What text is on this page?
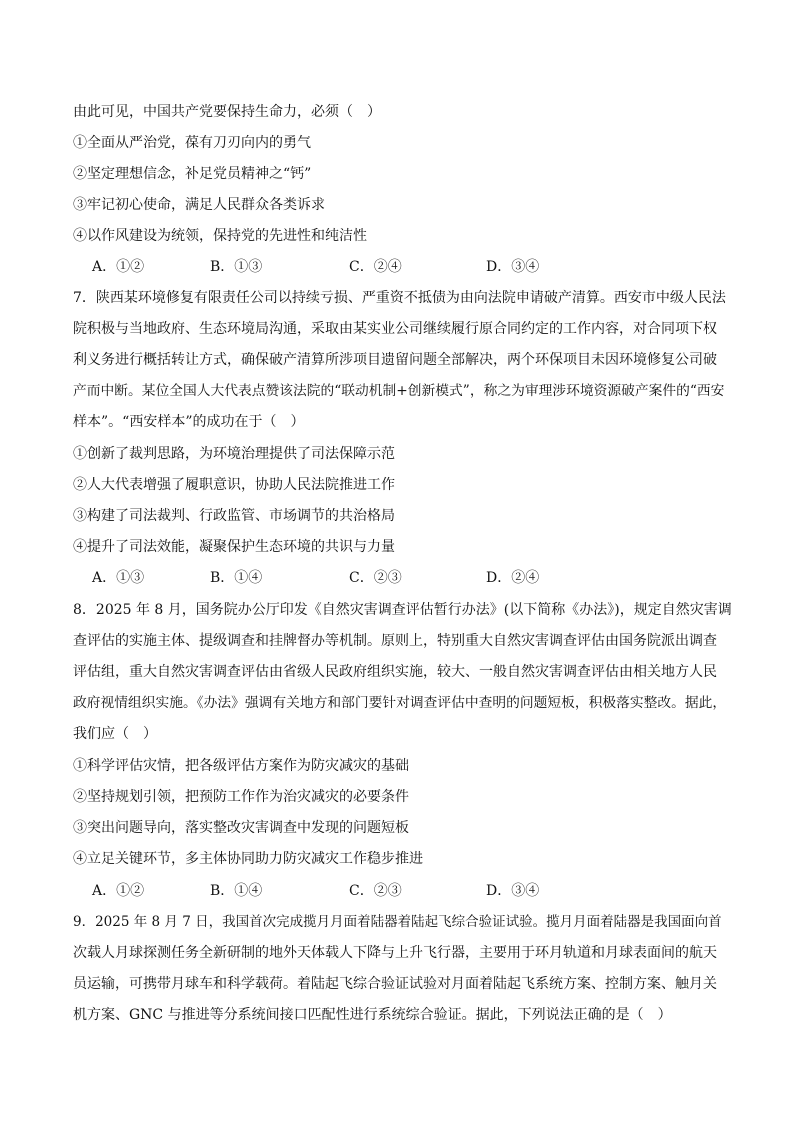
由此可见，中国共产党要保持生命力，必须（　）
①全面从严治党，葆有刀刃向内的勇气
②坚定理想信念，补足党员精神之“钙”
③牢记初心使命，满足人民群众各类诉求
④以作风建设为统领，保持党的先进性和纯洁性
A．①②	B．①③	C．②④	D．③④
7．陕西某环境修复有限责任公司以持续亏损、严重资不抵债为由向法院申请破产清算。西安市中级人民法
院积极与当地政府、生态环境局沟通，采取由某实业公司继续履行原合同约定的工作内容，对合同项下权
利义务进行概括转让方式，确保破产清算所涉项目遗留问题全部解决，两个环保项目未因环境修复公司破
产而中断。某位全国人大代表点赞该法院的“联动机制+创新模式”，称之为审理涉环境资源破产案件的“西安
样本”。“西安样本”的成功在于（　）
①创新了裁判思路，为环境治理提供了司法保障示范
②人大代表增强了履职意识，协助人民法院推进工作
③构建了司法裁判、行政监管、市场调节的共治格局
④提升了司法效能，凝聚保护生态环境的共识与力量
A．①③	B．①④	C．②③	D．②④
8．2025 年 8 月，国务院办公厅印发《自然灾害调查评估暂行办法》(以下简称《办法》)，规定自然灾害调
查评估的实施主体、提级调查和挂牌督办等机制。原则上，特别重大自然灾害调查评估由国务院派出调查
评估组，重大自然灾害调查评估由省级人民政府组织实施，较大、一般自然灾害调查评估由相关地方人民
政府视情组织实施。《办法》强调有关地方和部门要针对调查评估中查明的问题短板，积极落实整改。据此，
我们应（　）
①科学评估灾情，把各级评估方案作为防灾减灾的基础
②坚持规划引领，把预防工作作为治灾减灾的必要条件
③突出问题导向，落实整改灾害调查中发现的问题短板
④立足关键环节，多主体协同助力防灾减灾工作稳步推进
A．①②	B．①④	C．②③	D．③④
9．2025 年 8 月 7 日，我国首次完成揽月月面着陆器着陆起飞综合验证试验。揽月月面着陆器是我国面向首
次载人月球探测任务全新研制的地外天体载人下降与上升飞行器，主要用于环月轨道和月球表面间的航天
员运输，可携带月球车和科学载荷。着陆起飞综合验证试验对月面着陆起飞系统方案、控制方案、触月关
机方案、GNC 与推进等分系统间接口匹配性进行系统综合验证。据此，下列说法正确的是（　）
